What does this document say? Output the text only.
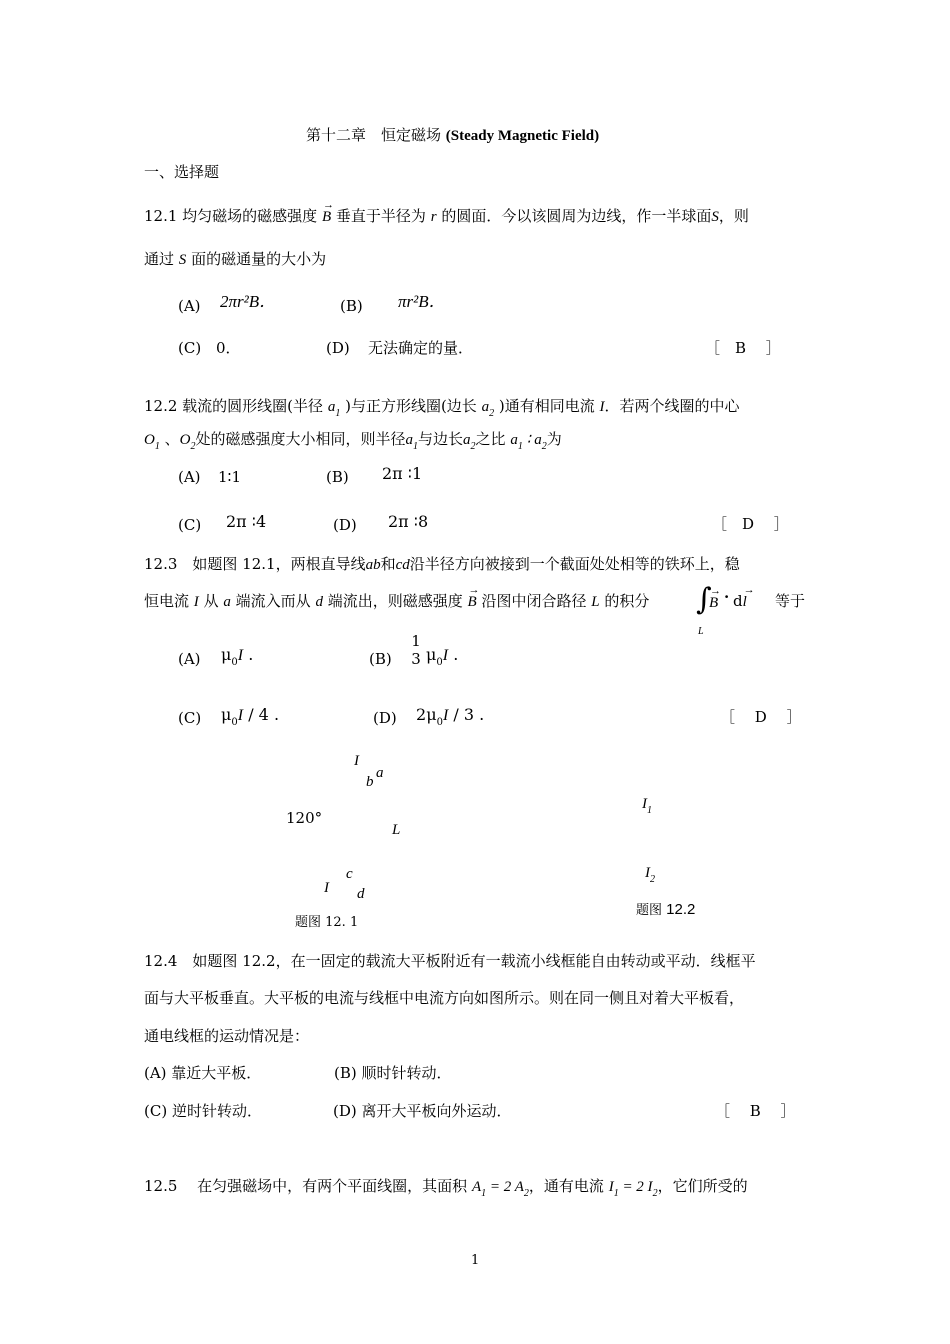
第十二章　恒定磁场 (Steady Magnetic Field)
一、选择题
12.1 均匀磁场的磁感强度 → B 垂直于半径为 r 的圆面．今以该圆周为边线，作一半球面S，则
通过 S 面的磁通量的大小为
(A) 2πr²B．	(B) πr²B．
(C) 0．	(D) 无法确定的量．	［　B　 ］
12.2 载流的圆形线圈(半径 $a_1$ )与正方形线圈(边长 $a_2$ )通有相同电流 I．若两个线圈的中心
$O_1$ 、$O_2$处的磁感强度大小相同，则半径$a_1$与边长$a_2$之比 $a_1$ ∶ $a_2$为
(A) 1∶1	(B) 2π ∶1
(C) 2π ∶4	(D) 2π ∶8	［　D　 ］
12.3　如题图 12.1，两根直导线ab和cd沿半径方向被接到一个截面处处相等的铁环上，稳
恒电流 I 从 a 端流入而从 d 端流出，则磁感强度 → B 沿图中闭合路径 L 的积分 ∫
→ B · d→ l 等于
L
(A) $\mu_0I$ .	(B)
1
3 $\mu_0I$ .
(C) $\mu_0I / 4$ .	(D) $2\mu_0I / 3$ .	［　 D　 ］
I
b
a
120°
L
c
I d
题图 12. 1
$I_1$
$I_2$
题图 12.2
12.4　如题图 12.2，在一固定的载流大平板附近有一载流小线框能自由转动或平动．线框平
面与大平板垂直。大平板的电流与线框中电流方向如图所示。则在同一侧且对着大平板看，
通电线框的运动情况是：
(A) 靠近大平板．	(B) 顺时针转动．
(C) 逆时针转动．	(D) 离开大平板向外运动．	［　 B　 ］
12.5　 在匀强磁场中，有两个平面线圈，其面积 $A_1 = 2$ $A_2$，通有电流 $I_1 = 2$ $I_2$，它们所受的
1
